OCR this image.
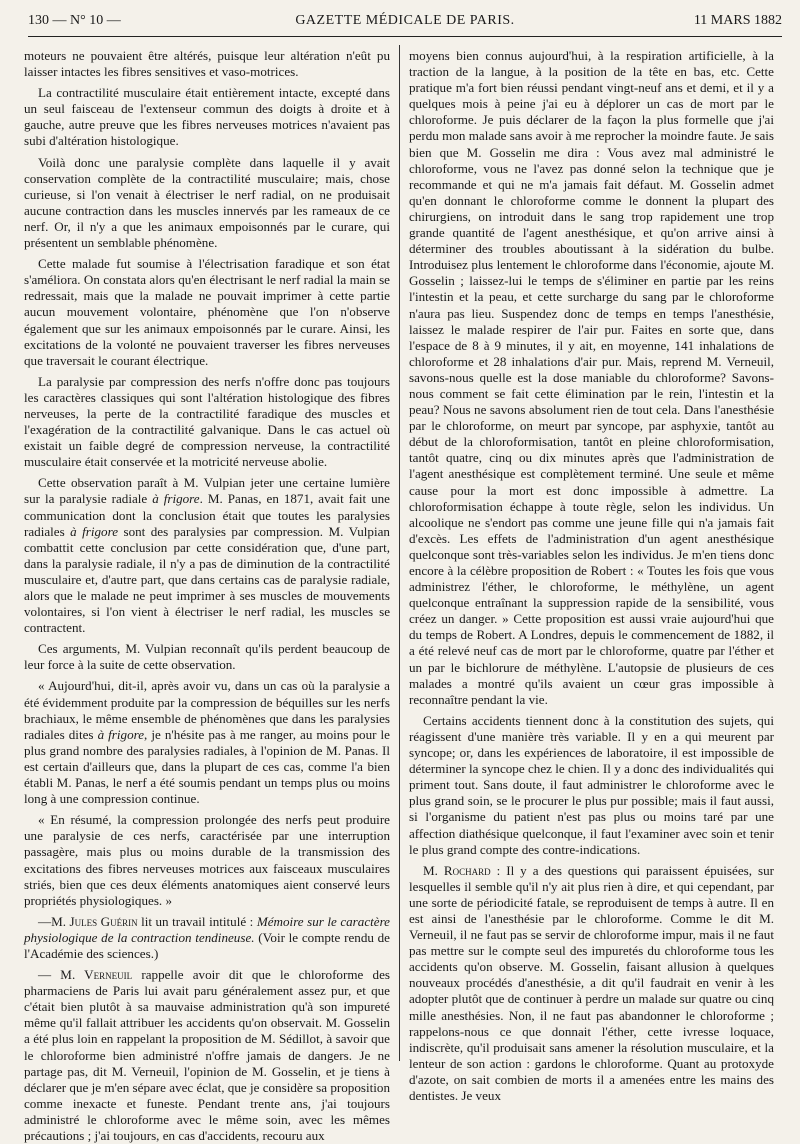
130 — N° 10 —	GAZETTE MÉDICALE DE PARIS.	11 MARS 1882

moteurs ne pouvaient être altérés, puisque leur altération n'eût pu laisser intactes les fibres sensitives et vaso-motrices.

La contractilité musculaire était entièrement intacte, excepté dans un seul faisceau de l'extenseur commun des doigts à droite et à gauche, autre preuve que les fibres nerveuses motrices n'avaient pas subi d'altération histologique.

Voilà donc une paralysie complète dans laquelle il y avait conservation complète de la contractilité musculaire; mais, chose curieuse, si l'on venait à électriser le nerf radial, on ne produisait aucune contraction dans les muscles innervés par les rameaux de ce nerf. Or, il n'y a que les animaux empoisonnés par le curare, qui présentent un semblable phénomène.

Cette malade fut soumise à l'électrisation faradique et son état s'améliora. On constata alors qu'en électrisant le nerf radial la main se redressait, mais que la malade ne pouvait imprimer à cette partie aucun mouvement volontaire, phénomène que l'on n'observe également que sur les animaux empoisonnés par le curare. Ainsi, les excitations de la volonté ne pouvaient traverser les fibres nerveuses que traversait le courant électrique.

La paralysie par compression des nerfs n'offre donc pas toujours les caractères classiques qui sont l'altération histologique des fibres nerveuses, la perte de la contractilité faradique des muscles et l'exagération de la contractilité galvanique. Dans le cas actuel où existait un faible degré de compression nerveuse, la contractilité musculaire était conservée et la motricité nerveuse abolie.

Cette observation paraît à M. Vulpian jeter une certaine lumière sur la paralysie radiale à frigore. M. Panas, en 1871, avait fait une communication dont la conclusion était que toutes les paralysies radiales à frigore sont des paralysies par compression. M. Vulpian combattit cette conclusion par cette considération que, d'une part, dans la paralysie radiale, il n'y a pas de diminution de la contractilité musculaire et, d'autre part, que dans certains cas de paralysie radiale, alors que le malade ne peut imprimer à ses muscles de mouvements volontaires, si l'on vient à électriser le nerf radial, les muscles se contractent.

Ces arguments, M. Vulpian reconnaît qu'ils perdent beaucoup de leur force à la suite de cette observation.

« Aujourd'hui, dit-il, après avoir vu, dans un cas où la paralysie a été évidemment produite par la compression de béquilles sur les nerfs brachiaux, le même ensemble de phénomènes que dans les paralysies radiales dites à frigore, je n'hésite pas à me ranger, au moins pour le plus grand nombre des paralysies radiales, à l'opinion de M. Panas. Il est certain d'ailleurs que, dans la plupart de ces cas, comme l'a bien établi M. Panas, le nerf a été soumis pendant un temps plus ou moins long à une compression continue.

« En résumé, la compression prolongée des nerfs peut produire une paralysie de ces nerfs, caractérisée par une interruption passagère, mais plus ou moins durable de la transmission des excitations des fibres nerveuses motrices aux faisceaux musculaires striés, bien que ces deux éléments anatomiques aient conservé leurs propriétés physiologiques. »

—M. Jules Guérin lit un travail intitulé : Mémoire sur le caractère physiologique de la contraction tendineuse. (Voir le compte rendu de l'Académie des sciences.)

— M. Verneuil rappelle avoir dit que le chloroforme des pharmaciens de Paris lui avait paru généralement assez pur, et que c'était bien plutôt à sa mauvaise administration qu'à son impureté même qu'il fallait attribuer les accidents qu'on observait. M. Gosselin a été plus loin en rappelant la proposition de M. Sédillot, à savoir que le chloroforme bien administré n'offre jamais de dangers. Je ne partage pas, dit M. Verneuil, l'opinion de M. Gosselin, et je tiens à déclarer que je m'en sépare avec éclat, que je considère sa proposition comme inexacte et funeste. Pendant trente ans, j'ai toujours administré le chloroforme avec le même soin, avec les mêmes précautions ; j'ai toujours, en cas d'accidents, recouru aux

moyens bien connus aujourd'hui, à la respiration artificielle, à la traction de la langue, à la position de la tête en bas, etc. Cette pratique m'a fort bien réussi pendant vingt-neuf ans et demi, et il y a quelques mois à peine j'ai eu à déplorer un cas de mort par le chloroforme. Je puis déclarer de la façon la plus formelle que j'ai perdu mon malade sans avoir à me reprocher la moindre faute. Je sais bien que M. Gosselin me dira : Vous avez mal administré le chloroforme, vous ne l'avez pas donné selon la technique que je recommande et qui ne m'a jamais fait défaut. M. Gosselin admet qu'en donnant le chloroforme comme le donnent la plupart des chirurgiens, on introduit dans le sang trop rapidement une trop grande quantité de l'agent anesthésique, et qu'on arrive ainsi à déterminer des troubles aboutissant à la sidération du bulbe. Introduisez plus lentement le chloroforme dans l'économie, ajoute M. Gosselin ; laissez-lui le temps de s'éliminer en partie par les reins l'intestin et la peau, et cette surcharge du sang par le chloroforme n'aura pas lieu. Suspendez donc de temps en temps l'anesthésie, laissez le malade respirer de l'air pur. Faites en sorte que, dans l'espace de 8 à 9 minutes, il y ait, en moyenne, 141 inhalations de chloroforme et 28 inhalations d'air pur. Mais, reprend M. Verneuil, savons-nous quelle est la dose maniable du chloroforme? Savons-nous comment se fait cette élimination par le rein, l'intestin et la peau? Nous ne savons absolument rien de tout cela. Dans l'anesthésie par le chloroforme, on meurt par syncope, par asphyxie, tantôt au début de la chloroformisation, tantôt en pleine chloroformisation, tantôt quatre, cinq ou dix minutes après que l'administration de l'agent anesthésique est complètement terminé. Une seule et même cause pour la mort est donc impossible à admettre. La chloroformisation échappe à toute règle, selon les individus. Un alcoolique ne s'endort pas comme une jeune fille qui n'a jamais fait d'excès. Les effets de l'administration d'un agent anesthésique quelconque sont très-variables selon les individus. Je m'en tiens donc encore à la célèbre proposition de Robert : « Toutes les fois que vous administrez l'éther, le chloroforme, le méthylène, un agent quelconque entraînant la suppression rapide de la sensibilité, vous créez un danger. » Cette proposition est aussi vraie aujourd'hui que du temps de Robert. A Londres, depuis le commencement de 1882, il a été relevé neuf cas de mort par le chloroforme, quatre par l'éther et un par le bichlorure de méthylène. L'autopsie de plusieurs de ces malades a montré qu'ils avaient un cœur gras impossible à reconnaître pendant la vie.

Certains accidents tiennent donc à la constitution des sujets, qui réagissent d'une manière très variable. Il y en a qui meurent par syncope; or, dans les expériences de laboratoire, il est impossible de déterminer la syncope chez le chien. Il y a donc des individualités qui priment tout. Sans doute, il faut administrer le chloroforme avec le plus grand soin, se le procurer le plus pur possible; mais il faut aussi, si l'organisme du patient n'est pas plus ou moins taré par une affection diathésique quelconque, il faut l'examiner avec soin et tenir le plus grand compte des contre-indications.

M. Rochard : Il y a des questions qui paraissent épuisées, sur lesquelles il semble qu'il n'y ait plus rien à dire, et qui cependant, par une sorte de périodicité fatale, se reproduisent de temps à autre. Il en est ainsi de l'anesthésie par le chloroforme. Comme le dit M. Verneuil, il ne faut pas se servir de chloroforme impur, mais il ne faut pas mettre sur le compte seul des impuretés du chloroforme tous les accidents qu'on observe. M. Gosselin, faisant allusion à quelques nouveaux procédés d'anesthésie, a dit qu'il faudrait en venir à les adopter plutôt que de continuer à perdre un malade sur quatre ou cinq mille anesthésies. Non, il ne faut pas abandonner le chloroforme ; rappelons-nous ce que donnait l'éther, cette ivresse loquace, indiscrète, qu'il produisait sans amener la résolution musculaire, et la lenteur de son action : gardons le chloroforme. Quant au protoxyde d'azote, on sait combien de morts il a amenées entre les mains des dentistes. Je veux
